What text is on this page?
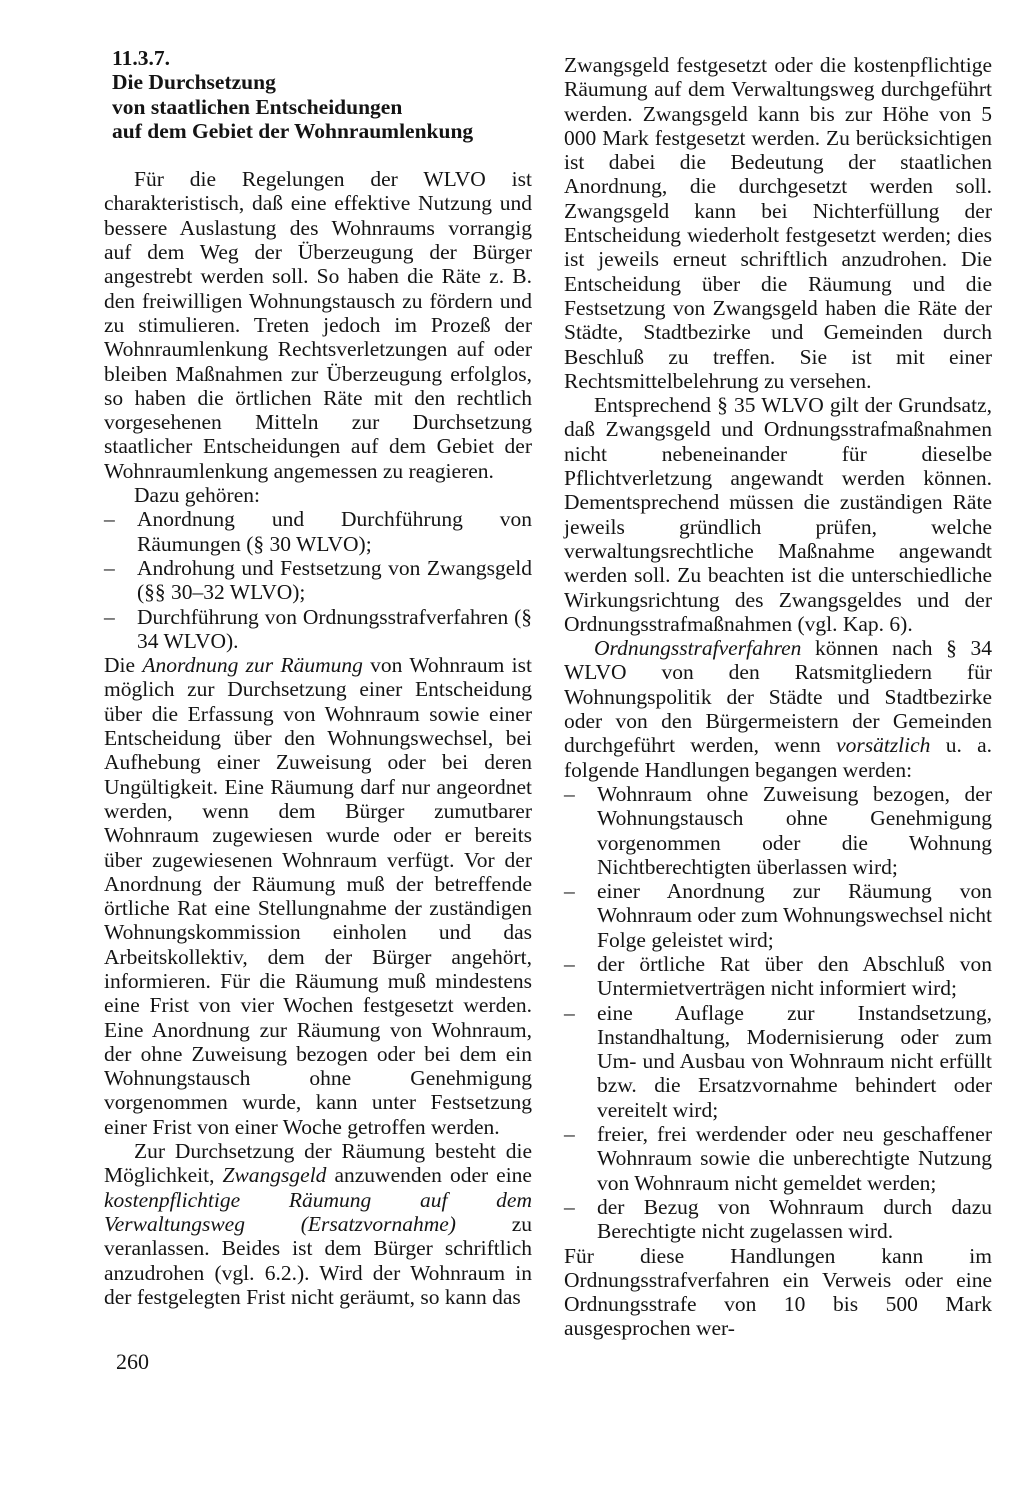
11.3.7.
Die Durchsetzung
von staatlichen Entscheidungen
auf dem Gebiet der Wohnraumlenkung

Für die Regelungen der WLVO ist charakteristisch, daß eine effektive Nutzung und bessere Auslastung des Wohnraums vorrangig auf dem Weg der Überzeugung der Bürger angestrebt werden soll. So haben die Räte z. B. den freiwilligen Wohnungstausch zu fördern und zu stimulieren. Treten jedoch im Prozeß der Wohnraumlenkung Rechtsverletzungen auf oder bleiben Maßnahmen zur Überzeugung erfolglos, so haben die örtlichen Räte mit den rechtlich vorgesehenen Mitteln zur Durchsetzung staatlicher Entscheidungen auf dem Gebiet der Wohnraumlenkung angemessen zu reagieren.

Dazu gehören:

–	Anordnung und Durchführung von Räumungen (§ 30 WLVO);
–	Androhung und Festsetzung von Zwangsgeld (§§ 30–32 WLVO);
–	Durchführung von Ordnungsstrafverfahren (§ 34 WLVO).

Die Anordnung zur Räumung von Wohnraum ist möglich zur Durchsetzung einer Entscheidung über die Erfassung von Wohnraum sowie einer Entscheidung über den Wohnungswechsel, bei Aufhebung einer Zuweisung oder bei deren Ungültigkeit. Eine Räumung darf nur angeordnet werden, wenn dem Bürger zumutbarer Wohnraum zugewiesen wurde oder er bereits über zugewiesenen Wohnraum verfügt. Vor der Anordnung der Räumung muß der betreffende örtliche Rat eine Stellungnahme der zuständigen Wohnungskommission einholen und das Arbeitskollektiv, dem der Bürger angehört, informieren. Für die Räumung muß mindestens eine Frist von vier Wochen festgesetzt werden. Eine Anordnung zur Räumung von Wohnraum, der ohne Zuweisung bezogen oder bei dem ein Wohnungstausch ohne Genehmigung vorgenommen wurde, kann unter Festsetzung einer Frist von einer Woche getroffen werden.

Zur Durchsetzung der Räumung besteht die Möglichkeit, Zwangsgeld anzuwenden oder eine kostenpflichtige Räumung auf dem Verwaltungsweg (Ersatzvornahme) zu veranlassen. Beides ist dem Bürger schriftlich anzudrohen (vgl. 6.2.). Wird der Wohnraum in der festgelegten Frist nicht geräumt, so kann das

Zwangsgeld festgesetzt oder die kostenpflichtige Räumung auf dem Verwaltungsweg durchgeführt werden. Zwangsgeld kann bis zur Höhe von 5 000 Mark festgesetzt werden. Zu berücksichtigen ist dabei die Bedeutung der staatlichen Anordnung, die durchgesetzt werden soll. Zwangsgeld kann bei Nichterfüllung der Entscheidung wiederholt festgesetzt werden; dies ist jeweils erneut schriftlich anzudrohen. Die Entscheidung über die Räumung und die Festsetzung von Zwangsgeld haben die Räte der Städte, Stadtbezirke und Gemeinden durch Beschluß zu treffen. Sie ist mit einer Rechtsmittelbelehrung zu versehen.

Entsprechend § 35 WLVO gilt der Grundsatz, daß Zwangsgeld und Ordnungsstrafmaßnahmen nicht nebeneinander für dieselbe Pflichtverletzung angewandt werden können. Dementsprechend müssen die zuständigen Räte jeweils gründlich prüfen, welche verwaltungsrechtliche Maßnahme angewandt werden soll. Zu beachten ist die unterschiedliche Wirkungsrichtung des Zwangsgeldes und der Ordnungsstrafmaßnahmen (vgl. Kap. 6).

Ordnungsstrafverfahren können nach § 34 WLVO von den Ratsmitgliedern für Wohnungspolitik der Städte und Stadtbezirke oder von den Bürgermeistern der Gemeinden durchgeführt werden, wenn vorsätzlich u. a. folgende Handlungen begangen werden:

–	Wohnraum ohne Zuweisung bezogen, der Wohnungstausch ohne Genehmigung vorgenommen oder die Wohnung Nichtberechtigten überlassen wird;
–	einer Anordnung zur Räumung von Wohnraum oder zum Wohnungswechsel nicht Folge geleistet wird;
–	der örtliche Rat über den Abschluß von Untermietverträgen nicht informiert wird;
–	eine Auflage zur Instandsetzung, Instandhaltung, Modernisierung oder zum Um- und Ausbau von Wohnraum nicht erfüllt bzw. die Ersatzvornahme behindert oder vereitelt wird;
–	freier, frei werdender oder neu geschaffener Wohnraum sowie die unberechtigte Nutzung von Wohnraum nicht gemeldet werden;
–	der Bezug von Wohnraum durch dazu Berechtigte nicht zugelassen wird.

Für diese Handlungen kann im Ordnungsstrafverfahren ein Verweis oder eine Ordnungsstrafe von 10 bis 500 Mark ausgesprochen wer-

260
